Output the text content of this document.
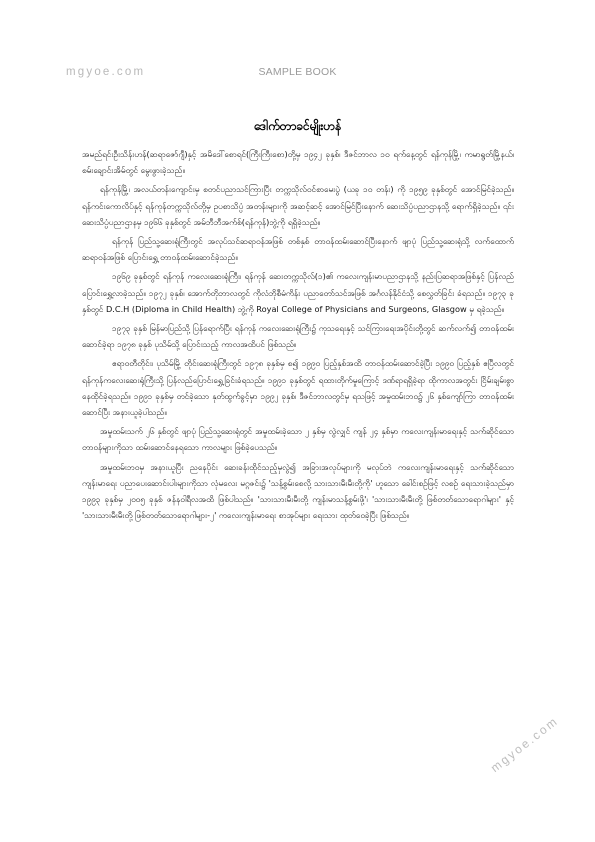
mgyoe.com	SAMPLE BOOK
ဒေါက်တာခင်မျိုးဟန်

အမည်ရင်းဦးသိန်းဟန်(ဆရာဇော်ဂျီ)နှင့် အမိဒေါ်စောရင်(ကြီးကြီးစော)တို့မှ ၁၉၄၂ ခုနှစ်၊ ဒီဇင်ဘာလ ၁၀ ရက်နေ့တွင် ရန်ကုန်မြို့၊ ကမာရွတ်မြို့နယ်၊ စမ်းချောင်းအိမ်တွင် မွေးဖွားခဲ့သည်။

ရန်ကုန်မြို့၊ အလယ်တန်းကျောင်းမှ စတင်ပညာသင်ကြားပြီး တက္ကသိုလ်ဝင်စာမေးပွဲ (ယခု ၁၀ တန်း) ကို ၁၉၅၉ ခုနှစ်တွင် အောင်မြင်ခဲ့သည်။ ရန်ကင်းကောလိပ်နှင့် ရန်ကုန်တက္ကသိုလ်တို့မှ ဥပစာသိပ္ပံ အတန်းများကို အဆင့်ဆင့် အောင်မြင်ပြီးနောက် ဆေးသိပ္ပံပညာဌာနသို့ ရောက်ရှိခဲ့သည်။ ၎င်းဆေးသိပ္ပံပညာဌာနမှ ၁၉၆၆ ခုနှစ်တွင် အမ်ဘီဘီအက်စ်(ရန်ကုန်)ဘွဲ့ကို ရရှိခဲ့သည်။

ရန်ကုန် ပြည်သူ့ဆေးရုံကြီးတွင် အလုပ်သင်ဆရာဝန်အဖြစ် တစ်နှစ် တာဝန်ထမ်းဆောင်ပြီးနောက် ဖျာပုံ ပြည်သူ့ဆေးရုံသို့ လက်ထောက်ဆရာဝန်အဖြစ် ပြောင်းရွှေ့ တာဝန်ထမ်းဆောင်ခဲ့သည်။

၁၉၆၉ ခုနှစ်တွင် ရန်ကုန် ကလေးဆေးရုံကြီး၊ ရန်ကုန် ဆေးတက္ကသိုလ်(၁)၏ ကလေးကျန်းမာပညာဌာနသို့ နည်းပြဆရာအဖြစ်နှင့် ပြန်လည်ပြောင်းရွှေ့လာခဲ့သည်။ ၁၉၇၂ ခုနှစ်၊ အောက်တိုဘာလတွင် ကိုလံဘိုစီမံကိန်း ပညာတော်သင်အဖြစ် အင်္ဂလန်နိုင်ငံသို့ စေလွှတ်ခြင်း ခံရသည်။ ၁၉၇၃ ခုနှစ်တွင် D.C.H (Diploma in Child Health) ဘွဲ့ကို Royal College of Physicians and Surgeons, Glasgow မှ ရခဲ့သည်။

၁၉၇၃ ခုနှစ် မြန်မာပြည်သို့ ပြန်ရောက်ပြီး ရန်ကုန် ကလေးဆေးရုံကြီး၌ ကုသရေးနှင့် သင်ကြားရေးအပိုင်းတို့တွင် ဆက်လက်၍ တာဝန်ထမ်းဆောင်ခဲ့ရာ ၁၉၇၈ ခုနှစ် ပုသိမ်သို့ ပြောင်းသည့် ကာလအထိပင် ဖြစ်သည်။

ဧရာဝတီတိုင်း၊ ပုသိမ်မြို့ တိုင်းဆေးရုံကြီးတွင် ၁၉၇၈ ခုနှစ်မှ စ၍ ၁၉၉၀ ပြည့်နှစ်အထိ တာဝန်ထမ်းဆောင်ခဲ့ပြီး ၁၉၉၀ ပြည့်နှစ် ဧပြီလတွင် ရန်ကုန်ကလေးဆေးရုံကြီးသို့ ပြန်လည်ပြောင်းရွှေ့ခြင်းခံရသည်။ ၁၉၉၁ ခုနှစ်တွင် ရထားတိုက်မှုကြောင့် ဒဏ်ရာရရှိခဲ့ရာ ထိုကာလအတွင်း ငြိမ်းချမ်းစွာ နေထိုင်ခဲ့ရသည်။ ၁၉၉၁ ခုနှစ်မှ တင်ခဲ့သော နုတ်ထွက်ခွင့်မှာ ၁၉၉၂ ခုနှစ်၊ ဒီဇင်ဘာလတွင်မှ ရသဖြင့် အမှုထမ်းဘဝ၌ ၂၆ နှစ်ကျော်ကြာ တာဝန်ထမ်းဆောင်ပြီး အနားယူခဲ့ပါသည်။

အမှုထမ်းသက် ၂၆ နှစ်တွင် ဖျာပုံ ပြည်သူ့ဆေးရုံတွင် အမှုထမ်းခဲ့သော ၂ နှစ်မှ လွဲလျှင် ကျန် ၂၄ နှစ်မှာ ကလေးကျန်းမာရေးနှင့် သက်ဆိုင်သော တာဝန်များကိုသာ ထမ်းဆောင်နေရသော ကာလများ ဖြစ်ခဲ့ပေသည်။

အမှုထမ်းဘဝမှ အနားယူပြီး ညနေပိုင်း ဆေးခန်းထိုင်သည့်မှလွဲ၍ အခြားအလုပ်များကို မလုပ်ဘဲ ကလေးကျန်းမာရေးနှင့် သက်ဆိုင်သော ကျန်းမာရေး ပညာပေးဆောင်းပါးများကိုသာ လုံမလေး မဂ္ဂဇင်း၌ 'သန့်စွမ်းစေလို့ သားသားမီးမီးတို့ကို' ဟူသော ခေါင်းစဉ်ဖြင့် လစဉ် ရေးသားခဲ့သည်မှာ ၁၉၉၃ ခုနှစ်မှ ၂၀၀၅ ခုနှစ် ဇန်နဝါရီလအထိ ဖြစ်ပါသည်။ 'သားသားမီးမီးတို့ ကျန်းမာသန့်စွမ်းဖို့'၊ 'သားသားမီးမီးတို့ ဖြစ်တတ်သောရောဂါများ' နှင့် 'သားသားမီးမီးတို့ ဖြစ်တတ်သောရောဂါများ-၂' ကလေးကျန်းမာရေး စာအုပ်များ ရေးသား ထုတ်ဝေခဲ့ပြီး ဖြစ်သည်။

mgyoe.com
